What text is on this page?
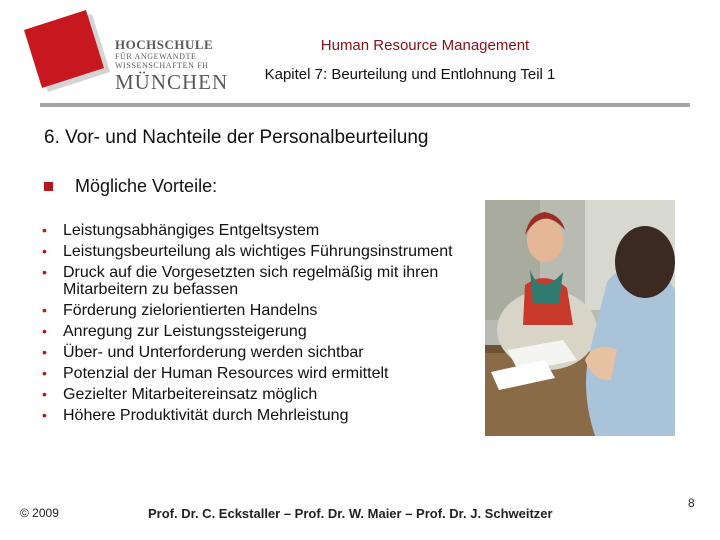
HOCHSCHULE
FÜR ANGEWANDTE
WISSENSCHAFTEN FH
MÜNCHEN
Human Resource Management
Kapitel 7: Beurteilung und Entlohnung Teil 1
6. Vor- und Nachteile der Personalbeurteilung
Mögliche Vorteile:
• Leistungsabhängiges Entgeltsystem
• Leistungsbeurteilung als wichtiges Führungsinstrument
• Druck auf die Vorgesetzten sich regelmäßig mit ihren Mitarbeitern zu befassen
• Förderung zielorientierten Handelns
• Anregung zur Leistungssteigerung
• Über- und Unterforderung werden sichtbar
• Potenzial der Human Resources wird ermittelt
• Gezielter Mitarbeitereinsatz möglich
• Höhere Produktivität durch Mehrleistung
© 2009	Prof. Dr. C. Eckstaller – Prof. Dr. W. Maier – Prof. Dr. J. Schweitzer
8
